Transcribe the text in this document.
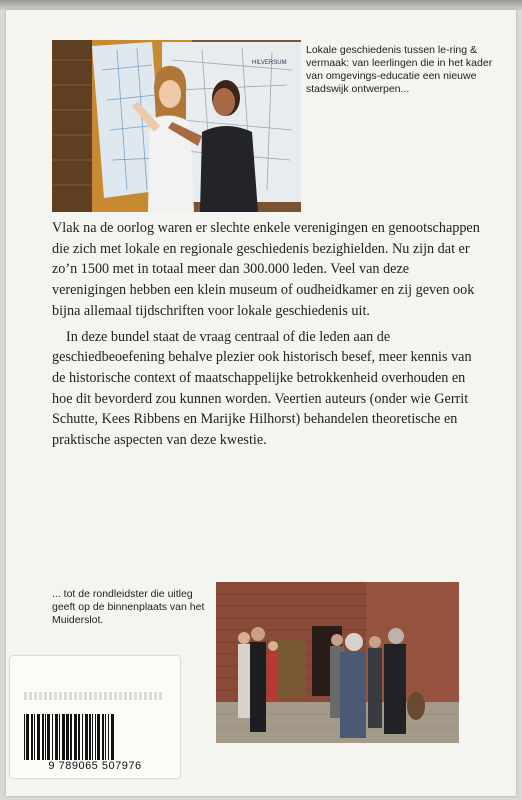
HILVERSUM
Lokale geschiedenis tussen le-ring & vermaak: van leerlingen die in het kader van omgevings-educatie een nieuwe stadswijk ontwerpen...

Vlak na de oorlog waren er slechte enkele verenigingen en genootschappen die zich met lokale en regionale geschiedenis bezighielden. Nu zijn dat er zo’n 1500 met in totaal meer dan 300.000 leden. Veel van deze verenigingen hebben een klein museum of oudheidkamer en zij geven ook bijna allemaal tijdschriften voor lokale geschiedenis uit.

In deze bundel staat de vraag centraal of die leden aan de geschiedbeoefening behalve plezier ook historisch besef, meer kennis van de historische context of maatschappelijke betrokkenheid overhouden en hoe dit bevorderd zou kunnen worden. Veertien auteurs (onder wie Gerrit Schutte, Kees Ribbens en Marijke Hilhorst) behandelen theoretische en praktische aspecten van deze kwestie.

... tot de rondleidster die uitleg geeft op de binnenplaats van het Muiderslot.
9 789065 507976
